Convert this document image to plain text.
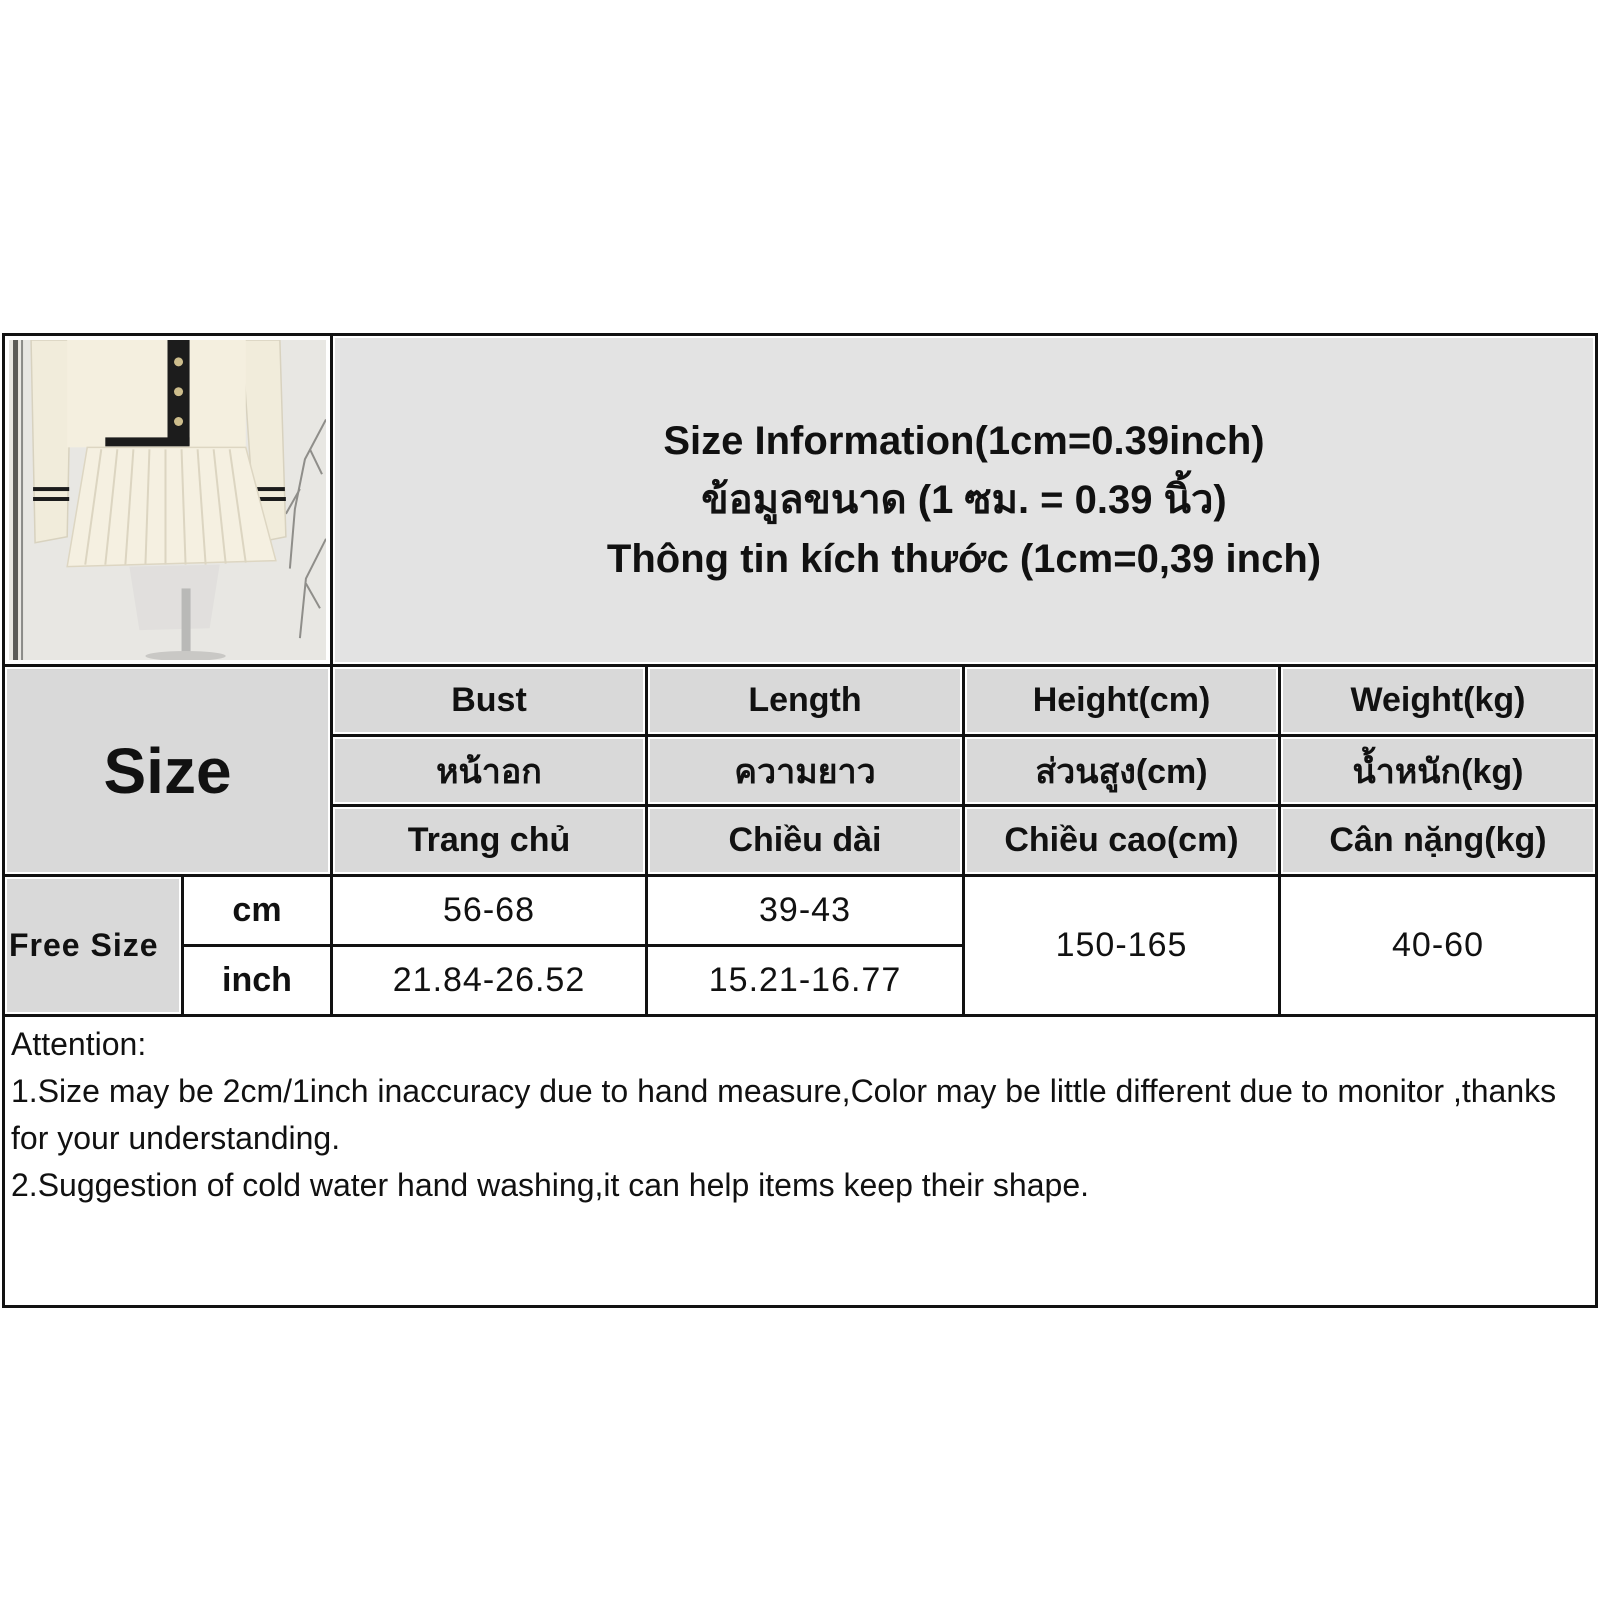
Size Information(1cm=0.39inch)
ข้อมูลขนาด (1 ซม. = 0.39 นิ้ว)
Thông tin kích thước (1cm=0,39 inch)
Size
Bust
หน้าอก
Trang chủ
Length
ความยาว
Chiều dài
Height(cm)
ส่วนสูง(cm)
Chiều cao(cm)
Weight(kg)
น้ำหนัก(kg)
Cân nặng(kg)
Free Size
cm
inch
56-68
21.84-26.52
39-43
15.21-16.77
150-165	40-60

Attention:

1.Size may be 2cm/1inch inaccuracy due to hand measure,Color may be little different due to monitor ,thanks for your understanding.

2.Suggestion of cold water hand washing,it can help items keep their shape.
